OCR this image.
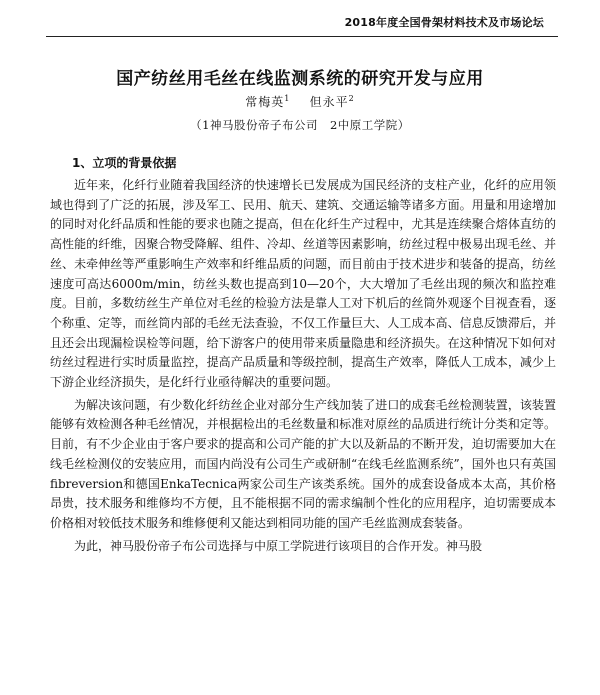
2018年度全国骨架材料技术及市场论坛
国产纺丝用毛丝在线监测系统的研究开发与应用
常梅英$^1$ 但永平$^2$
（1神马股份帝子布公司　2中原工学院）
1、立项的背景依据

近年来，化纤行业随着我国经济的快速增长已发展成为国民经济的支柱产业，化纤的应用领域也得到了广泛的拓展，涉及军工、民用、航天、建筑、交通运输等诸多方面。用量和用途增加的同时对化纤品质和性能的要求也随之提高，但在化纤生产过程中，尤其是连续聚合熔体直纺的高性能的纤维，因聚合物受降解、组件、冷却、丝道等因素影响，纺丝过程中极易出现毛丝、并丝、未牵伸丝等严重影响生产效率和纤维品质的问题，而目前由于技术进步和装备的提高，纺丝速度可高达6000m/min，纺丝头数也提高到10—20个，大大增加了毛丝出现的频次和监控难度。目前，多数纺丝生产单位对毛丝的检验方法是靠人工对下机后的丝筒外观逐个目视查看，逐个称重、定等，而丝筒内部的毛丝无法查验，不仅工作量巨大、人工成本高、信息反馈滞后，并且还会出现漏检误检等问题，给下游客户的使用带来质量隐患和经济损失。在这种情况下如何对纺丝过程进行实时质量监控，提高产品质量和等级控制，提高生产效率，降低人工成本，减少上下游企业经济损失，是化纤行业亟待解决的重要问题。

为解决该问题，有少数化纤纺丝企业对部分生产线加装了进口的成套毛丝检测装置，该装置能够有效检测各种毛丝情况，并根据检出的毛丝数量和标准对原丝的品质进行统计分类和定等。目前，有不少企业由于客户要求的提高和公司产能的扩大以及新品的不断开发，迫切需要加大在线毛丝检测仪的安装应用，而国内尚没有公司生产或研制“在线毛丝监测系统”，国外也只有英国fibreversion和德国EnkaTecnica两家公司生产该类系统。国外的成套设备成本太高，其价格昂贵，技术服务和维修均不方便，且不能根据不同的需求编制个性化的应用程序，迫切需要成本价格相对较低技术服务和维修便利又能达到相同功能的国产毛丝监测成套装备。

为此，神马股份帝子布公司选择与中原工学院进行该项目的合作开发。神马股
